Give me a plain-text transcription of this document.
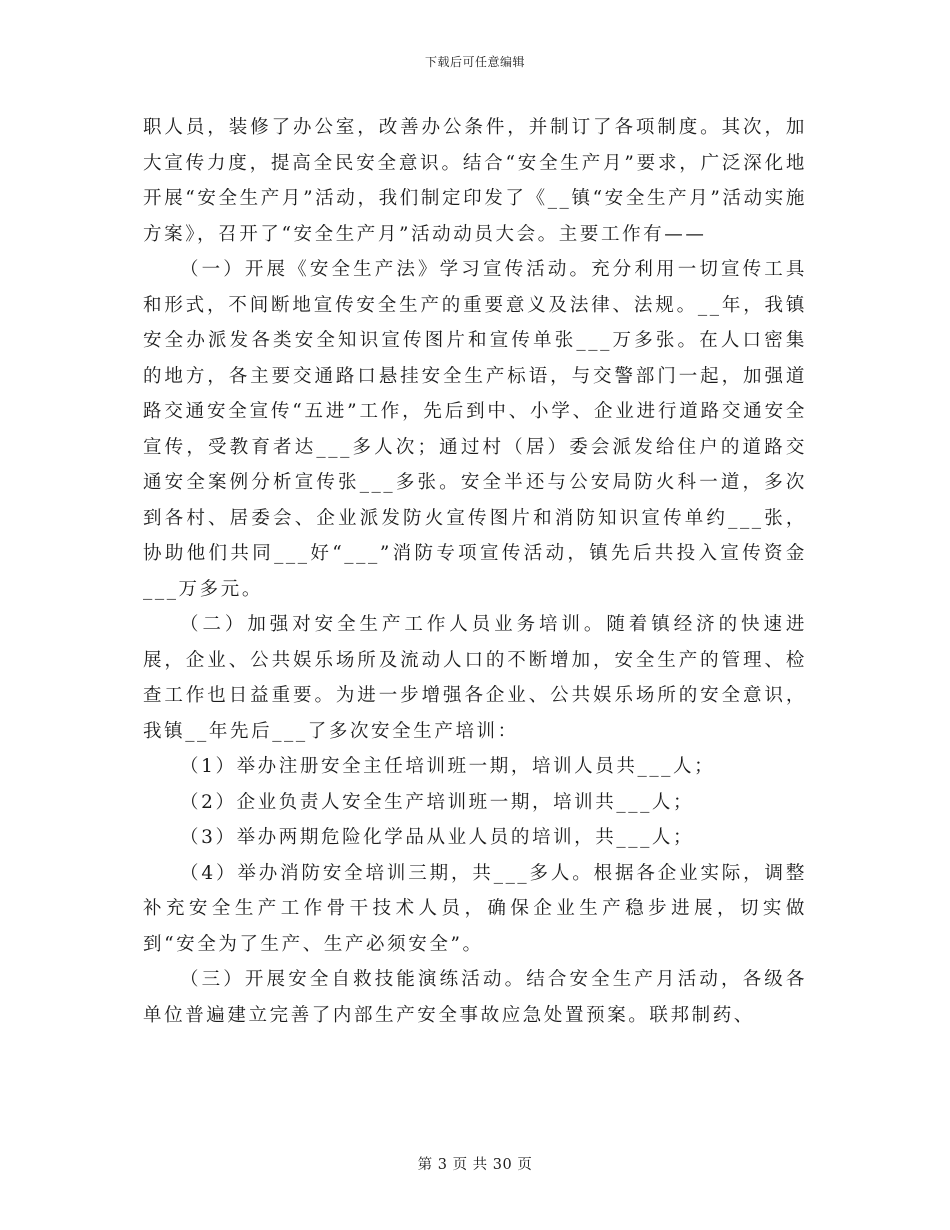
下载后可任意编辑

职人员，装修了办公室，改善办公条件，并制订了各项制度。其次，加大宣传力度，提高全民安全意识。结合“安全生产月”要求，广泛深化地开展“安全生产月”活动，我们制定印发了《__镇“安全生产月”活动实施方案》，召开了“安全生产月”活动动员大会。主要工作有——

（一）开展《安全生产法》学习宣传活动。充分利用一切宣传工具和形式，不间断地宣传安全生产的重要意义及法律、法规。__年，我镇安全办派发各类安全知识宣传图片和宣传单张___万多张。在人口密集的地方，各主要交通路口悬挂安全生产标语，与交警部门一起，加强道路交通安全宣传“五进”工作，先后到中、小学、企业进行道路交通安全宣传，受教育者达___多人次；通过村（居）委会派发给住户的道路交通安全案例分析宣传张___多张。安全半还与公安局防火科一道，多次到各村、居委会、企业派发防火宣传图片和消防知识宣传单约___张，协助他们共同___好“___”消防专项宣传活动，镇先后共投入宣传资金___万多元。

（二）加强对安全生产工作人员业务培训。随着镇经济的快速进展，企业、公共娱乐场所及流动人口的不断增加，安全生产的管理、检查工作也日益重要。为进一步增强各企业、公共娱乐场所的安全意识，我镇__年先后___了多次安全生产培训：

（1）举办注册安全主任培训班一期，培训人员共___人；

（2）企业负责人安全生产培训班一期，培训共___人；

（3）举办两期危险化学品从业人员的培训，共___人；

（4）举办消防安全培训三期，共___多人。根据各企业实际，调整补充安全生产工作骨干技术人员，确保企业生产稳步进展，切实做到“安全为了生产、生产必须安全”。

（三）开展安全自救技能演练活动。结合安全生产月活动，各级各单位普遍建立完善了内部生产安全事故应急处置预案。联邦制药、

第 3 页 共 30 页
